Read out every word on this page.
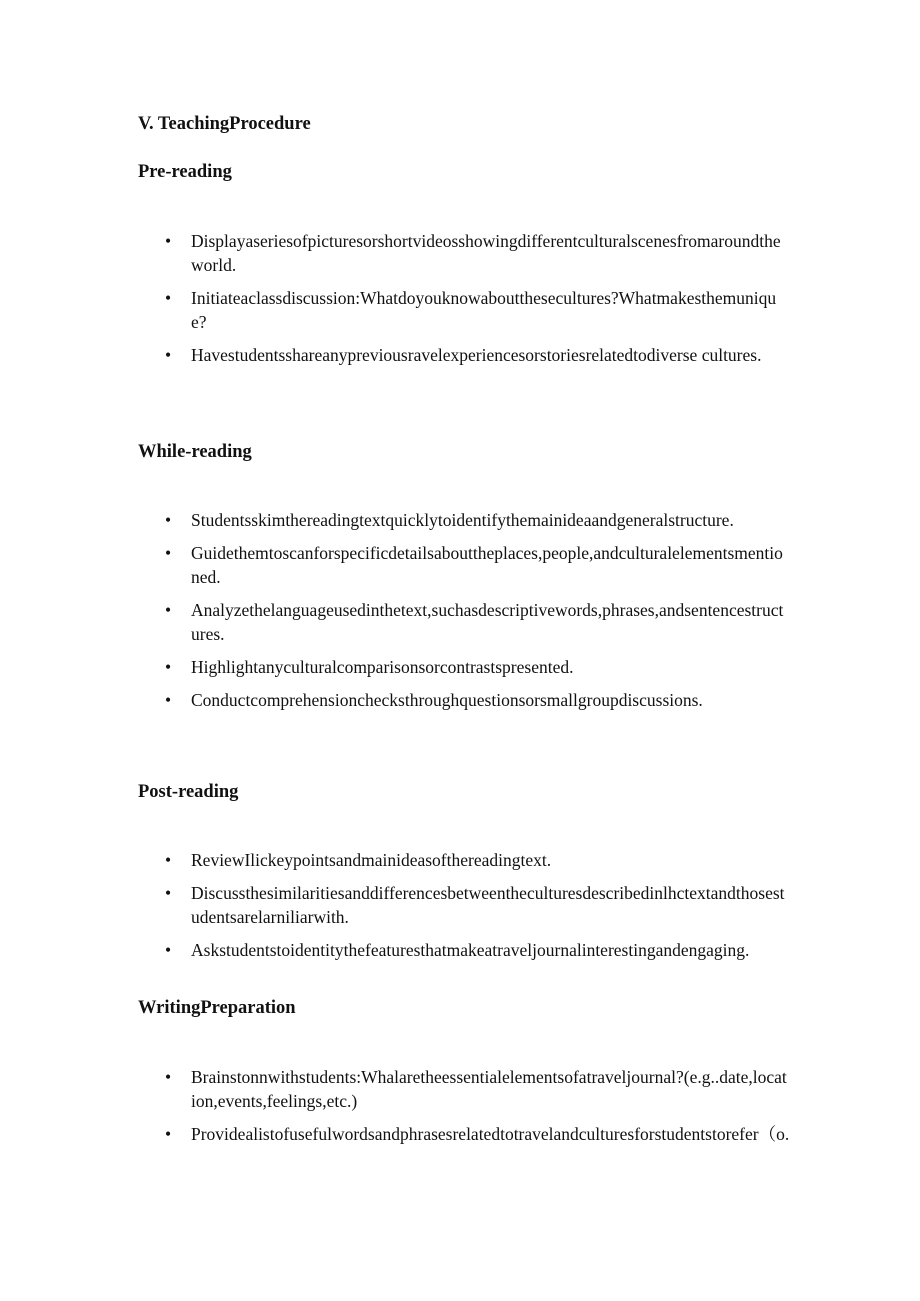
V. TeachingProcedure
Pre-reading
• Displayaseriesofpicturesorshortvideosshowingdifferentculturalscenesfromaroundtheworld.
• Initiateaclassdiscussion:Whatdoyouknowaboutthesecultures?Whatmakesthemunique?
• Havestudentsshareanypreviousravelexperiencesorstoriesrelatedtodiverse cultures.
While-reading
• Studentsskimthereadingtextquicklytoidentifythemainideaandgeneralstructure.
• Guidethemtoscanforspecificdetailsabouttheplaces,people,andculturalelementsmentioned.
• Analyzethelanguageusedinthetext,suchasdescriptivewords,phrases,andsentencestructures.
• Highlightanyculturalcomparisonsorcontrastspresented.
• Conductcomprehensionchecksthroughquestionsorsmallgroupdiscussions.
Post-reading
• ReviewIlickeypointsandmainideasofthereadingtext.
• Discussthesimilaritiesanddifferencesbetweentheculturesdescribedinlhctextandthosestudentsarelarniliarwith.
• Askstudentstoidentitythefeaturesthatmakeatraveljournalinterestingandengaging.
WritingPreparation
• Brainstonnwithstudents:Whalaretheessentialelementsofatraveljournal?(e.g..date,location,events,feelings,etc.)
• Providealistofusefulwordsandphrasesrelatedtotravelandculturesforstudentstorefer（o.
